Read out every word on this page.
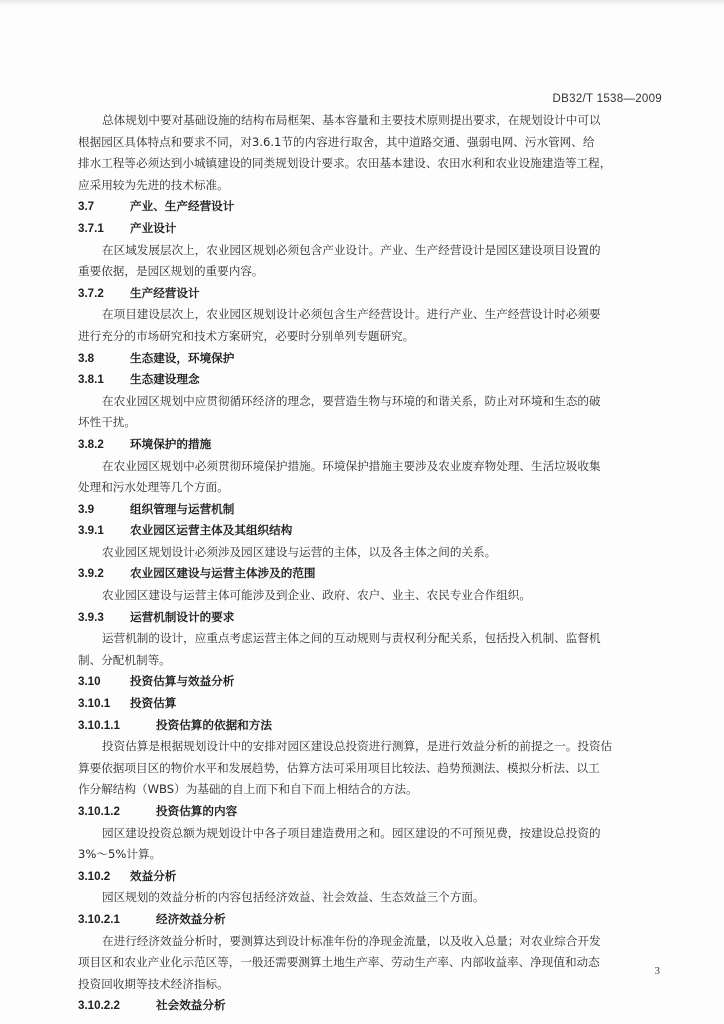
DB32/T 1538—2009
总体规划中要对基础设施的结构布局框架、基本容量和主要技术原则提出要求，在规划设计中可以
根据园区具体特点和要求不同，对3.6.1节的内容进行取舍，其中道路交通、强弱电网、污水管网、给
排水工程等必须达到小城镇建设的同类规划设计要求。农田基本建设、农田水利和农业设施建造等工程，
应采用较为先进的技术标准。
3.7	产业、生产经营设计
3.7.1 产业设计
在区域发展层次上，农业园区规划必须包含产业设计。产业、生产经营设计是园区建设项目设置的
重要依据，是园区规划的重要内容。
3.7.2 生产经营设计
在项目建设层次上，农业园区规划设计必须包含生产经营设计。进行产业、生产经营设计时必须要
进行充分的市场研究和技术方案研究，必要时分别单列专题研究。
3.8	生态建设，环境保护
3.8.1 生态建设理念
在农业园区规划中应贯彻循环经济的理念，要营造生物与环境的和谐关系，防止对环境和生态的破
坏性干扰。
3.8.2 环境保护的措施
在农业园区规划中必须贯彻环境保护措施。环境保护措施主要涉及农业废弃物处理、生活垃圾收集
处理和污水处理等几个方面。
3.9	组织管理与运营机制
3.9.1 农业园区运营主体及其组织结构
农业园区规划设计必须涉及园区建设与运营的主体，以及各主体之间的关系。
3.9.2 农业园区建设与运营主体涉及的范围
农业园区建设与运营主体可能涉及到企业、政府、农户、业主、农民专业合作组织。
3.9.3 运营机制设计的要求
运营机制的设计，应重点考虑运营主体之间的互动规则与责权利分配关系，包括投入机制、监督机
制、分配机制等。
3.10	投资估算与效益分析
3.10.1 投资估算
3.10.1.1	投资估算的依据和方法
投资估算是根据规划设计中的安排对园区建设总投资进行测算，是进行效益分析的前提之一。投资估
算要依据项目区的物价水平和发展趋势，估算方法可采用项目比较法、趋势预测法、模拟分析法、以工
作分解结构（WBS）为基础的自上而下和自下而上相结合的方法。
3.10.1.2	投资估算的内容
园区建设投资总额为规划设计中各子项目建造费用之和。园区建设的不可预见费，按建设总投资的
3%～5%计算。
3.10.2 效益分析
园区规划的效益分析的内容包括经济效益、社会效益、生态效益三个方面。
3.10.2.1	经济效益分析
在进行经济效益分析时，要测算达到设计标准年份的净现金流量，以及收入总量；对农业综合开发
项目区和农业产业化示范区等，一般还需要测算土地生产率、劳动生产率、内部收益率、净现值和动态
投资回收期等技术经济指标。
3.10.2.2	社会效益分析
3
